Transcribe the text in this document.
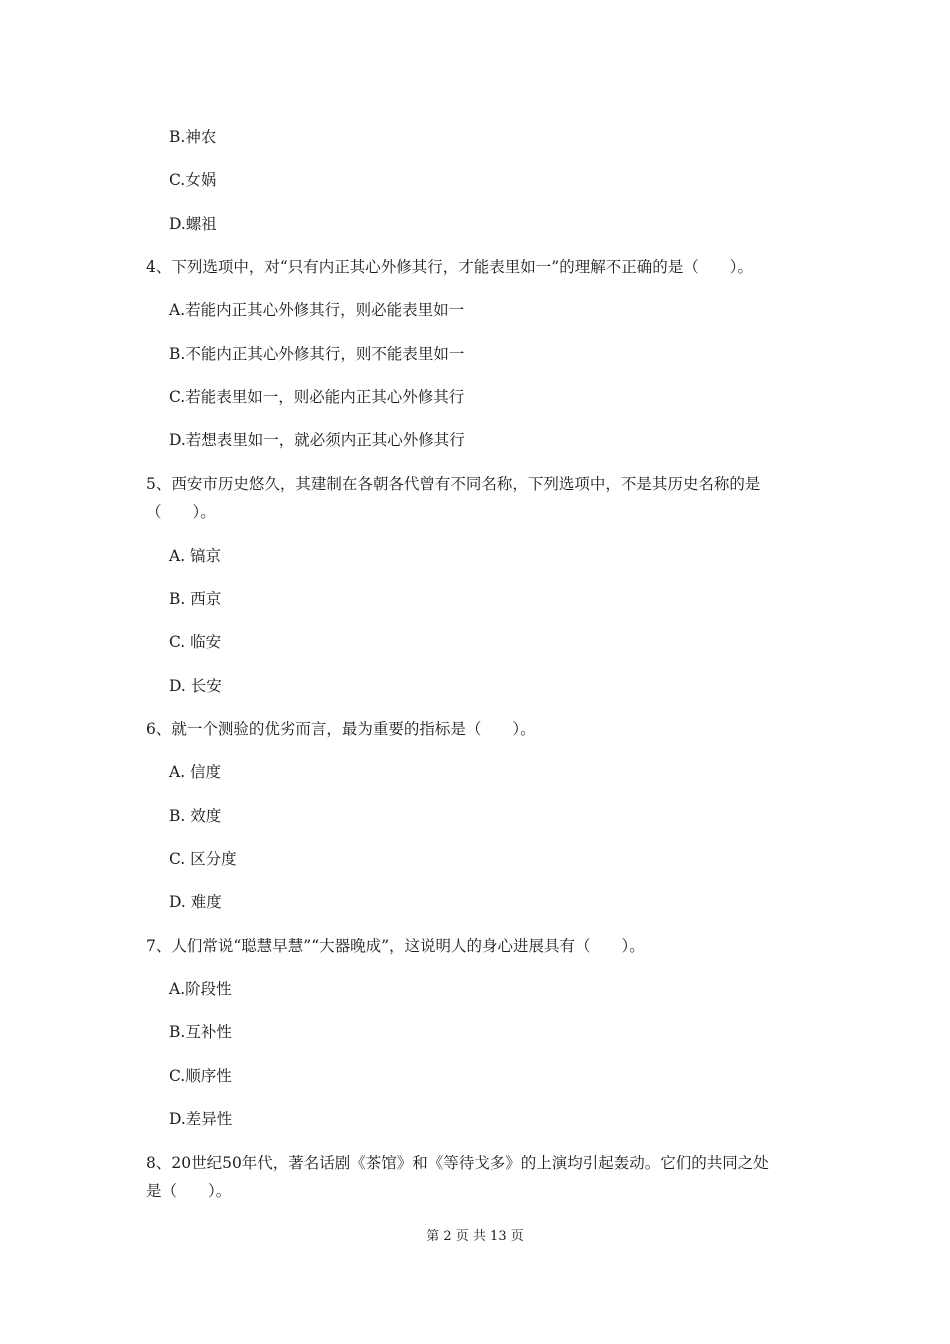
B.神农
C.女娲
D.螺祖
4、下列选项中，对“只有内正其心外修其行，才能表里如一”的理解不正确的是（　　）。
A.若能内正其心外修其行，则必能表里如一
B.不能内正其心外修其行，则不能表里如一
C.若能表里如一，则必能内正其心外修其行
D.若想表里如一，就必须内正其心外修其行
5、西安市历史悠久，其建制在各朝各代曾有不同名称，下列选项中，不是其历史名称的是
（　　）。
A. 镐京
B. 西京
C. 临安
D. 长安
6、就一个测验的优劣而言，最为重要的指标是（　　）。
A. 信度
B. 效度
C. 区分度
D. 难度
7、人们常说“聪慧早慧”“大器晚成”，这说明人的身心进展具有（　　）。
A.阶段性
B.互补性
C.顺序性
D.差异性
8、20世纪50年代，著名话剧《茶馆》和《等待戈多》的上演均引起轰动。它们的共同之处
是（　　）。
第 2 页 共 13 页
